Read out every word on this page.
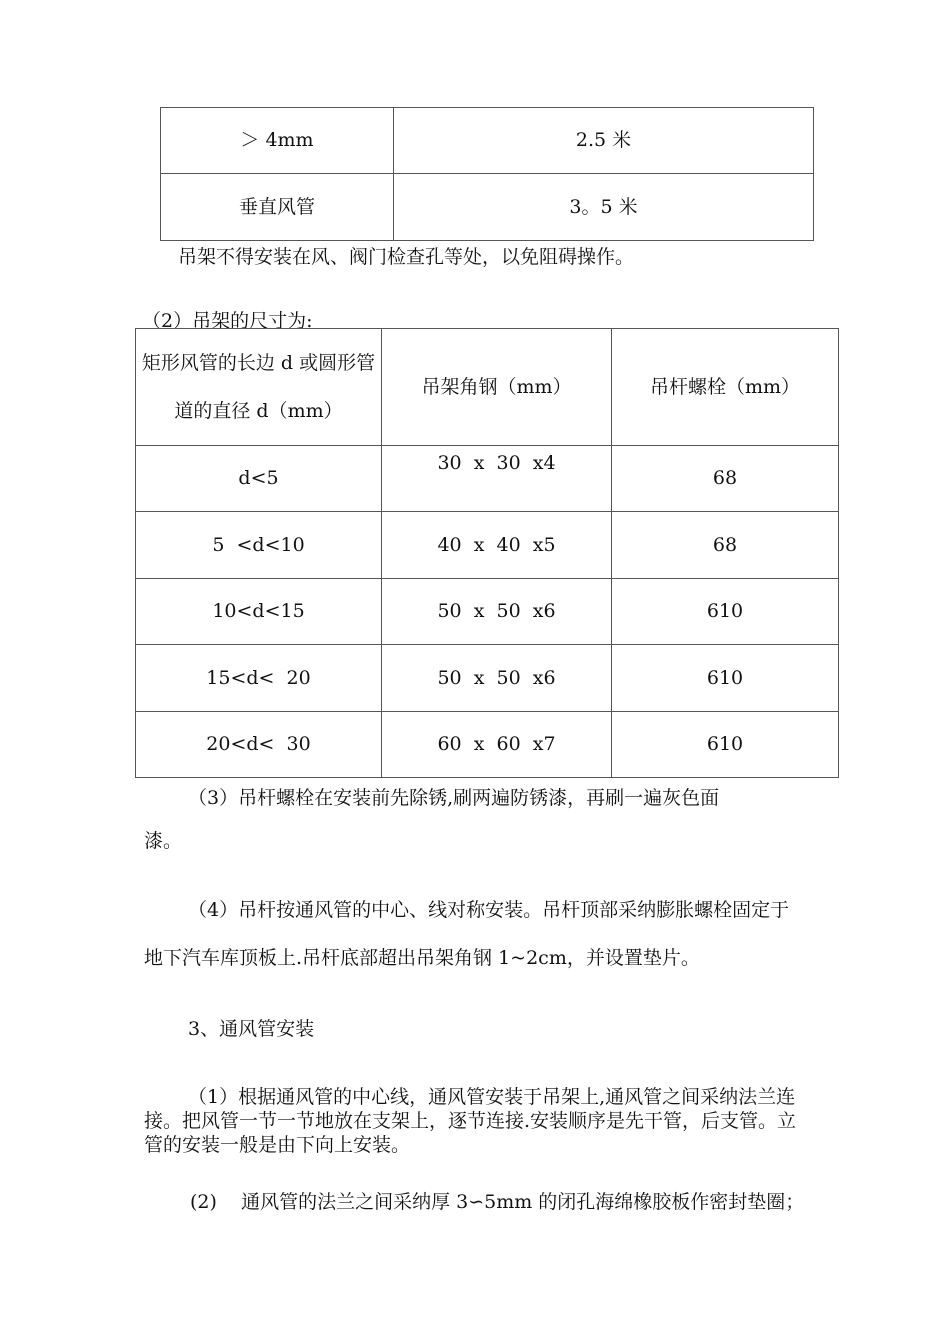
＞ 4mm	2.5 米
垂直风管	3。5 米
吊架不得安装在风、阀门检查孔等处，以免阻碍操作。
（2）吊架的尺寸为:
矩形风管的长边 d 或圆形管
道的直径 d（mm）	吊架角钢（mm）	吊杆螺栓（mm）
d<5	30  x  30  x4	68
5  <d<10	40  x  40  x5	68
10<d<15	50  x  50  x6	610
15<d<  20	50  x  50  x6	610
20<d<  30	60  x  60  x7	610
（3）吊杆螺栓在安装前先除锈,刷两遍防锈漆，再刷一遍灰色面
漆。
（4）吊杆按通风管的中心、线对称安装。吊杆顶部采纳膨胀螺栓固定于
地下汽车库顶板上.吊杆底部超出吊架角钢 1~2cm，并设置垫片。
3、通风管安装
（1）根据通风管的中心线，通风管安装于吊架上,通风管之间采纳法兰连
接。把风管一节一节地放在支架上，逐节连接.安装顺序是先干管，后支管。立
管的安装一般是由下向上安装。
(2)    通风管的法兰之间采纳厚 3∽5mm 的闭孔海绵橡胶板作密封垫圈；
